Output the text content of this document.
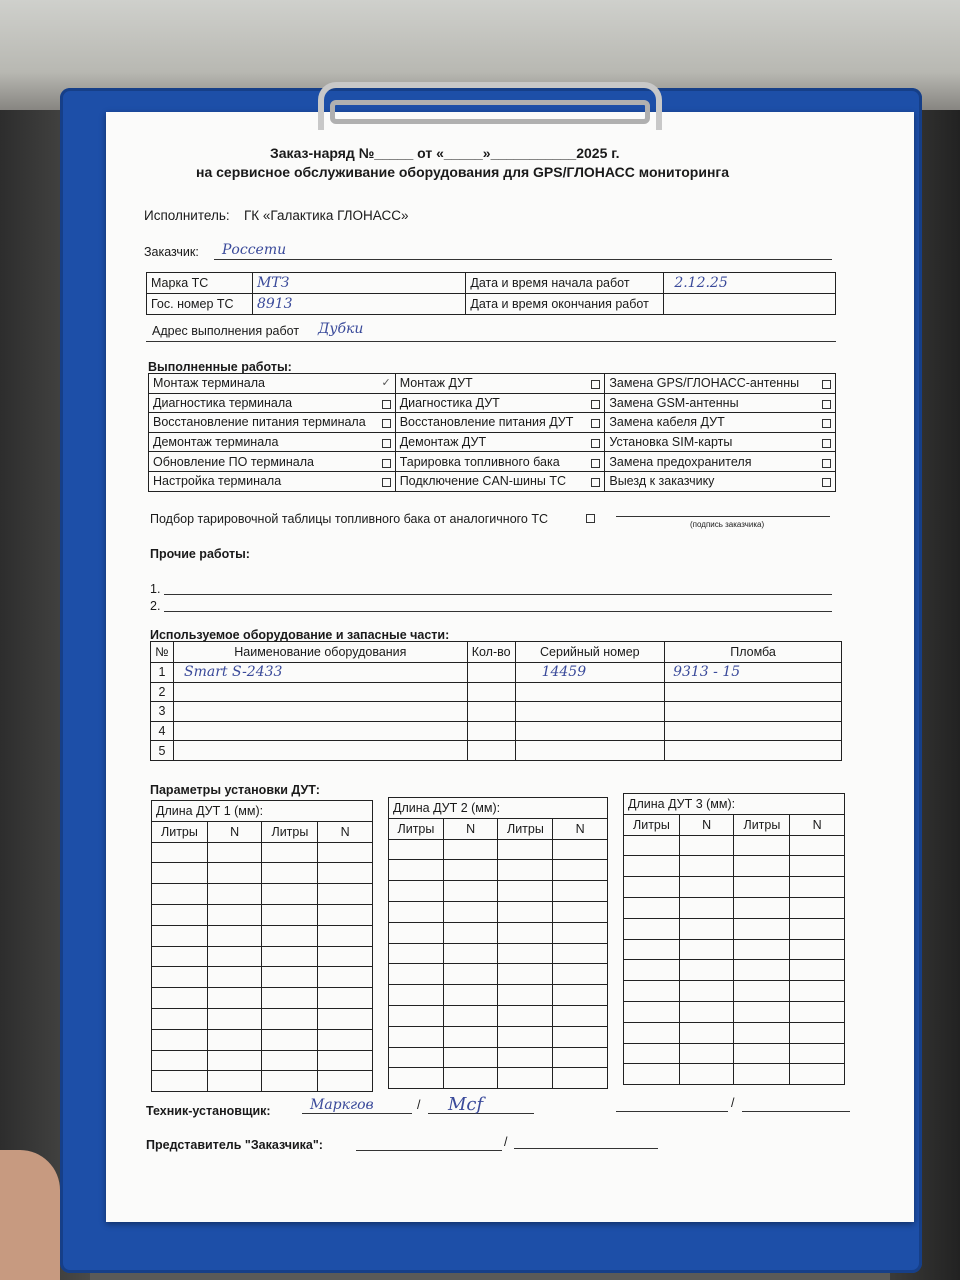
Заказ-наряд №_____ от «_____»___________2025 г.
на сервисное обслуживание оборудования для GPS/ГЛОНАСС мониторинга
Исполнитель: ГК «Галактика ГЛОНАСС»
Заказчик: Россети
Марка ТС	МТЗ	Дата и время начала работ	2.12.25
Гос. номер ТС	8913	Дата и время окончания работ	
Адрес выполнения работ Дубки
Выполненные работы:
Монтаж терминала ✓	Монтаж ДУТ	Замена GPS/ГЛОНАСС-антенны

Диагностика терминала	Диагностика ДУТ	Замена GSM-антенны

Восстановление питания терминала	Восстановление питания ДУТ	Замена кабеля ДУТ

Демонтаж терминала	Демонтаж ДУТ	Установка SIM-карты

Обновление ПО терминала	Тарировка топливного бака	Замена предохранителя

Настройка терминала	Подключение CAN-шины ТС	Выезд к заказчику
Подбор тарировочной таблицы топливного бака от аналогичного ТС	(подпись заказчика)
Прочие работы:
1.
2.
Используемое оборудование и запасные части:
№	Наименование оборудования	Кол-во	Серийный номер	Пломба
1	Smart S-2433		14459	9313 - 15
2				
3				
4				
5				
Параметры установки ДУТ:
Длина ДУТ 1 (мм):			
Литры	N	Литры	N

Длина ДУТ 2 (мм):			
Литры	N	Литры	N

Длина ДУТ 3 (мм):			
Литры	N	Литры	N

Техник-установщик:	Маркгов	/ Мсf	/
Представитель "Заказчика":	/
